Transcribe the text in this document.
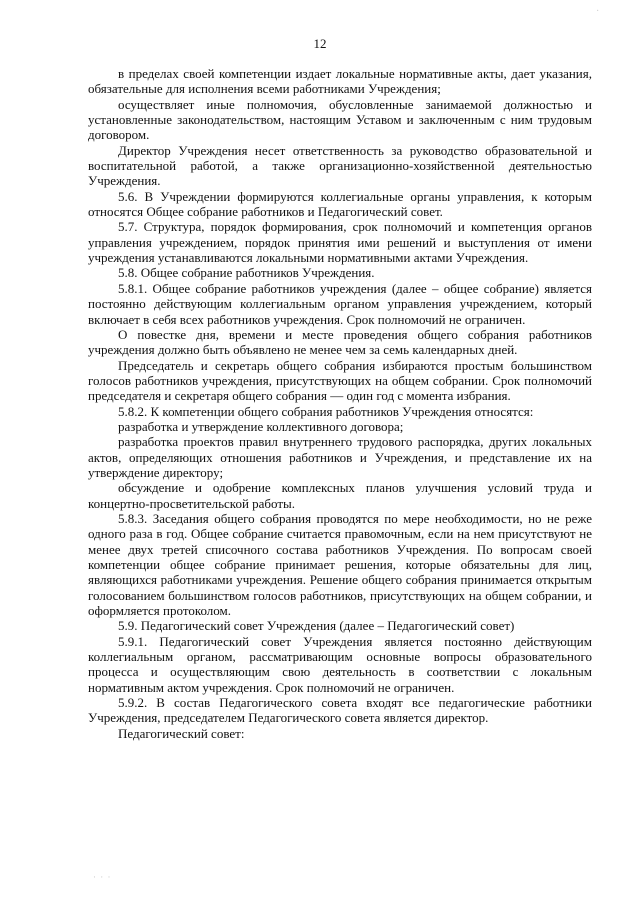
·
12

в пределах своей компетенции издает локальные нормативные акты, дает указания, обязательные для исполнения всеми работниками Учреждения;

осуществляет иные полномочия, обусловленные занимаемой должностью и установленные законодательством, настоящим Уставом и заключенным с ним трудовым договором.

Директор Учреждения несет ответственность за руководство образовательной и воспитательной работой, а также организационно-хозяйственной деятельностью Учреждения.

5.6. В Учреждении формируются коллегиальные органы управления, к которым относятся Общее собрание работников и Педагогический совет.

5.7. Структура, порядок формирования, срок полномочий и компетенция органов управления учреждением, порядок принятия ими решений и выступления от имени учреждения устанавливаются локальными нормативными актами Учреждения.

5.8. Общее собрание работников Учреждения.

5.8.1. Общее собрание работников учреждения (далее – общее собрание) является постоянно действующим коллегиальным органом управления учреждением, который включает в себя всех работников учреждения. Срок полномочий не ограничен.

О повестке дня, времени и месте проведения общего собрания работников учреждения должно быть объявлено не менее чем за семь календарных дней.

Председатель и секретарь общего собрания избираются простым большинством голосов работников учреждения, присутствующих на общем собрании. Срок полномочий председателя и секретаря общего собрания — один год с момента избрания.

5.8.2. К компетенции общего собрания работников Учреждения относятся:

разработка и утверждение коллективного договора;

разработка проектов правил внутреннего трудового распорядка, других локальных актов, определяющих отношения работников и Учреждения, и представление их на утверждение директору;

обсуждение и одобрение комплексных планов улучшения условий труда и концертно-просветительской работы.

5.8.3. Заседания общего собрания проводятся по мере необходимости, но не реже одного раза в год. Общее собрание считается правомочным, если на нем присутствуют не менее двух третей списочного состава работников Учреждения. По вопросам своей компетенции общее собрание принимает решения, которые обязательны для лиц, являющихся работниками учреждения. Решение общего собрания принимается открытым голосованием большинством голосов работников, присутствующих на общем собрании, и оформляется протоколом.

5.9. Педагогический совет Учреждения (далее – Педагогический совет)

5.9.1. Педагогический совет Учреждения является постоянно действующим коллегиальным органом, рассматривающим основные вопросы образовательного процесса и осуществляющим свою деятельность в соответствии с локальным нормативным актом учреждения. Срок полномочий не ограничен.

5.9.2. В состав Педагогического совета входят все педагогические работники Учреждения, председателем Педагогического совета является директор.

Педагогический совет:

· · ·
